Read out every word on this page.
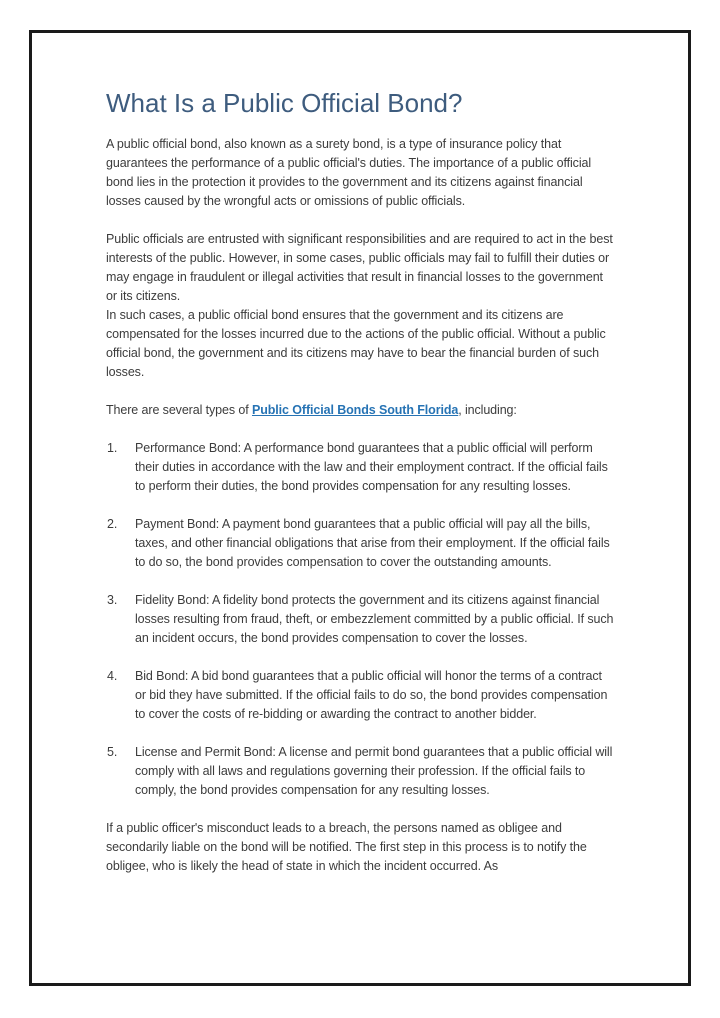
What Is a Public Official Bond?

A public official bond, also known as a surety bond, is a type of insurance policy that guarantees the performance of a public official's duties. The importance of a public official bond lies in the protection it provides to the government and its citizens against financial losses caused by the wrongful acts or omissions of public officials.

Public officials are entrusted with significant responsibilities and are required to act in the best interests of the public. However, in some cases, public officials may fail to fulfill their duties or may engage in fraudulent or illegal activities that result in financial losses to the government or its citizens.
In such cases, a public official bond ensures that the government and its citizens are compensated for the losses incurred due to the actions of the public official. Without a public official bond, the government and its citizens may have to bear the financial burden of such losses.

There are several types of Public Official Bonds South Florida, including:

1.	Performance Bond: A performance bond guarantees that a public official will perform their duties in accordance with the law and their employment contract. If the official fails to perform their duties, the bond provides compensation for any resulting losses.
2.	Payment Bond: A payment bond guarantees that a public official will pay all the bills, taxes, and other financial obligations that arise from their employment. If the official fails to do so, the bond provides compensation to cover the outstanding amounts.
3.	Fidelity Bond: A fidelity bond protects the government and its citizens against financial losses resulting from fraud, theft, or embezzlement committed by a public official. If such an incident occurs, the bond provides compensation to cover the losses.
4.	Bid Bond: A bid bond guarantees that a public official will honor the terms of a contract or bid they have submitted. If the official fails to do so, the bond provides compensation to cover the costs of re-bidding or awarding the contract to another bidder.
5.	License and Permit Bond: A license and permit bond guarantees that a public official will comply with all laws and regulations governing their profession. If the official fails to comply, the bond provides compensation for any resulting losses.

If a public officer's misconduct leads to a breach, the persons named as obligee and secondarily liable on the bond will be notified. The first step in this process is to notify the obligee, who is likely the head of state in which the incident occurred. As
